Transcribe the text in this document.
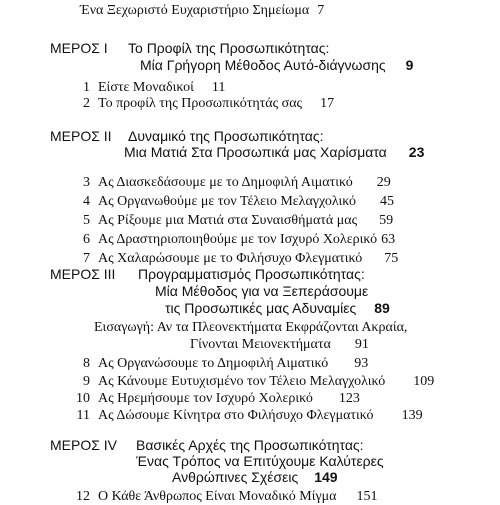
Ένα Ξεχωριστό Ευχαριστήριο Σημείωμα 7
ΜΕΡΟΣ Ι Το Προφίλ της Προσωπικότητας:
Μία Γρήγορη Μέθοδος Αυτό-διάγνωσης 9
1 Είστε Μοναδικοί 11
2 Το προφίλ της Προσωπικότητάς σας 17
ΜΕΡΟΣ ΙΙ Δυναμικό της Προσωπικότητας:
Μια Ματιά Στα Προσωπικά μας Χαρίσματα 23
3 Ας Διασκεδάσουμε με το Δημοφιλή Αιματικό 29
4 Ας Οργανωθούμε με τον Τέλειο Μελαγχολικό 45
5 Ας Ρίξουμε μια Ματιά στα Συναισθήματά μας 59
6 Ας Δραστηριοποιηθούμε με τον Ισχυρό Χολερικό 63
7 Ας Χαλαρώσουμε με το Φιλήσυχο Φλεγματικό 75
ΜΕΡΟΣ ΙΙΙ Προγραμματισμός Προσωπικότητας:
Μία Μέθοδος για να Ξεπεράσουμε
τις Προσωπικές μας Αδυναμίες 89
Εισαγωγή: Αν τα Πλεονεκτήματα Εκφράζονται Ακραία,
Γίνονται Μειονεκτήματα 91
8 Ας Οργανώσουμε το Δημοφιλή Αιματικό 93
9 Ας Κάνουμε Ευτυχισμένο τον Τέλειο Μελαγχολικό 109
10 Ας Ηρεμήσουμε τον Ισχυρό Χολερικό 123
11 Ας Δώσουμε Κίνητρα στο Φιλήσυχο Φλεγματικό 139
ΜΕΡΟΣ ΙV Βασικές Αρχές της Προσωπικότητας:
Ένας Τρόπος να Επιτύχουμε Καλύτερες
Ανθρώπινες Σχέσεις 149
12 Ο Κάθε Άνθρωπος Είναι Μοναδικό Μίγμα 151
